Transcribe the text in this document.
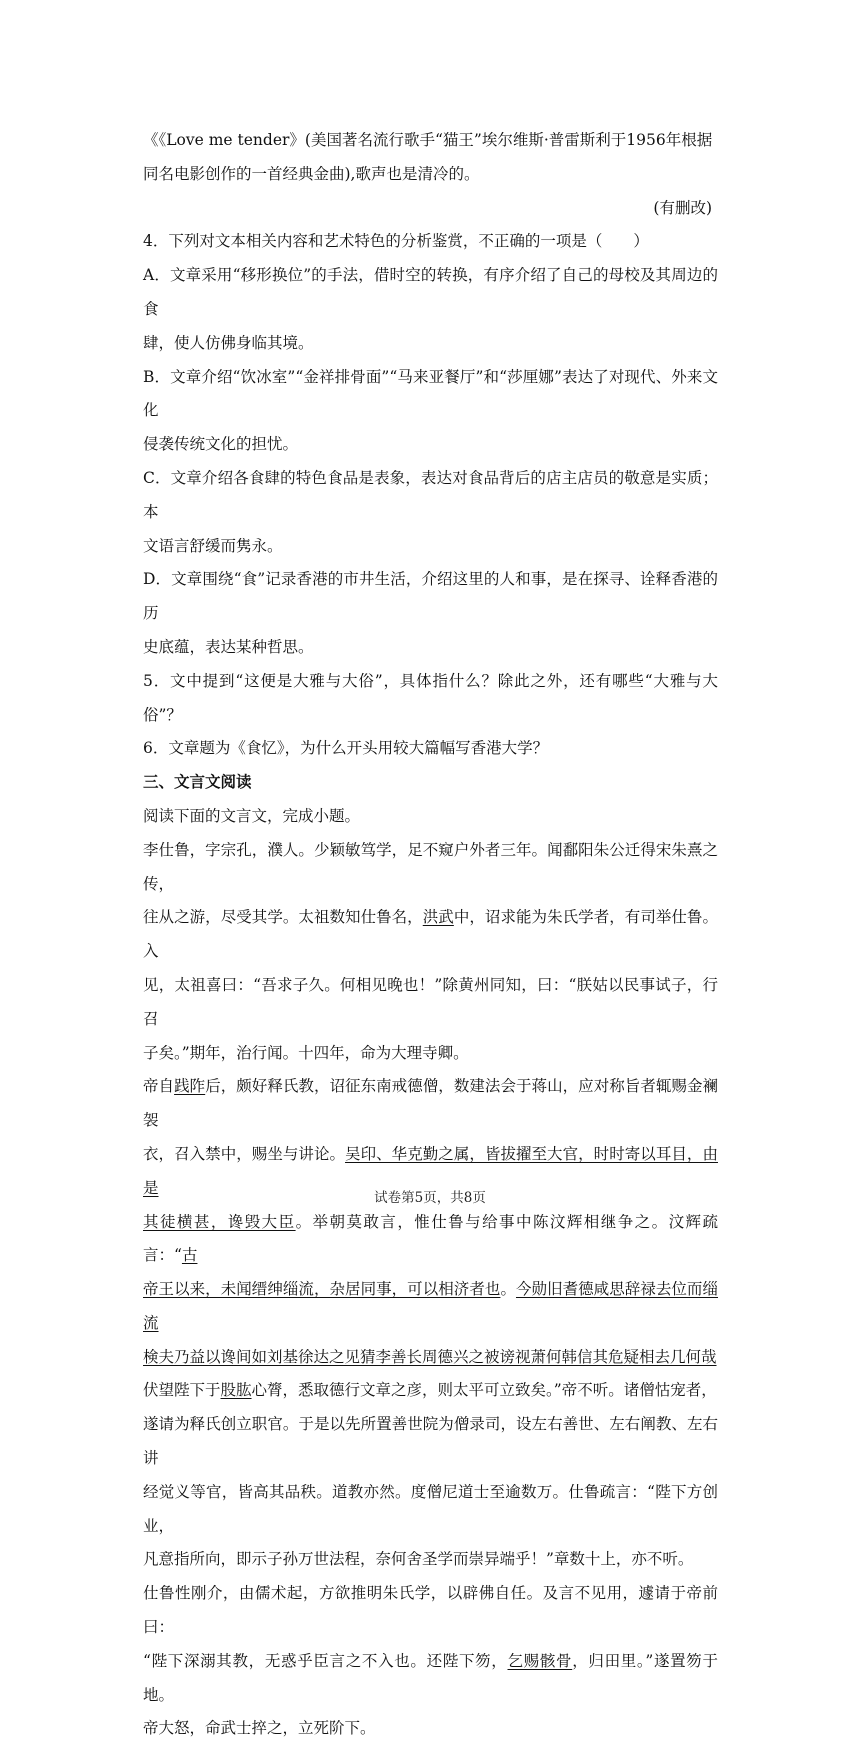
《《Love me tender》(美国著名流行歌手“猫王”埃尔维斯·普雷斯利于1956年根据

同名电影创作的一首经典金曲),歌声也是清冷的。

(有删改)

4．下列对文本相关内容和艺术特色的分析鉴赏，不正确的一项是（　　）

A．文章采用“移形换位”的手法，借时空的转换，有序介绍了自己的母校及其周边的食

肆，使人仿佛身临其境。

B．文章介绍“饮冰室”“金祥排骨面”“马来亚餐厅”和“莎厘娜”表达了对现代、外来文化

侵袭传统文化的担忧。

C．文章介绍各食肆的特色食品是表象，表达对食品背后的店主店员的敬意是实质；本

文语言舒缓而隽永。

D．文章围绕“食”记录香港的市井生活，介绍这里的人和事，是在探寻、诠释香港的历

史底蕴，表达某种哲思。

5．文中提到“这便是大雅与大俗”，具体指什么？除此之外，还有哪些“大雅与大俗”？

6．文章题为《食忆》，为什么开头用较大篇幅写香港大学？

三、文言文阅读

阅读下面的文言文，完成小题。

李仕鲁，字宗孔，濮人。少颖敏笃学，足不窥户外者三年。闻鄱阳朱公迁得宋朱熹之传，

往从之游，尽受其学。太祖数知仕鲁名，洪武中，诏求能为朱氏学者，有司举仕鲁。入

见，太祖喜曰：“吾求子久。何相见晚也！”除黄州同知，曰：“朕姑以民事试子，行召

子矣。”期年，治行闻。十四年，命为大理寺卿。

帝自践阼后，颇好释氏教，诏征东南戒德僧，数建法会于蒋山，应对称旨者辄赐金襕袈

衣，召入禁中，赐坐与讲论。吴印、华克勤之属，皆拔擢至大官，时时寄以耳目，由是

其徒横甚，谗毁大臣。举朝莫敢言，惟仕鲁与给事中陈汶辉相继争之。汶辉疏言：“古

帝王以来，未闻缙绅缁流，杂居同事，可以相济者也。今勋旧耆德咸思辞禄去位而缁流

検夫乃益以谗间如刘基徐达之见猜李善长周德兴之被谤视萧何韩信其危疑相去几何哉

伏望陛下于股肱心膂，悉取德行文章之彦，则太平可立致矣。”帝不听。诸僧怙宠者，

遂请为释氏创立职官。于是以先所置善世院为僧录司，设左右善世、左右阐教、左右讲

经觉义等官，皆高其品秩。道教亦然。度僧尼道士至逾数万。仕鲁疏言：“陛下方创业，

凡意指所向，即示子孙万世法程，奈何舍圣学而崇异端乎！”章数十上，亦不听。

仕鲁性刚介，由儒术起，方欲推明朱氏学，以辟佛自任。及言不见用，遽请于帝前曰：

“陛下深溺其教，无惑乎臣言之不入也。还陛下笏，乞赐骸骨，归田里。”遂置笏于地。

帝大怒，命武士捽之，立死阶下。

试卷第5页，共8页
